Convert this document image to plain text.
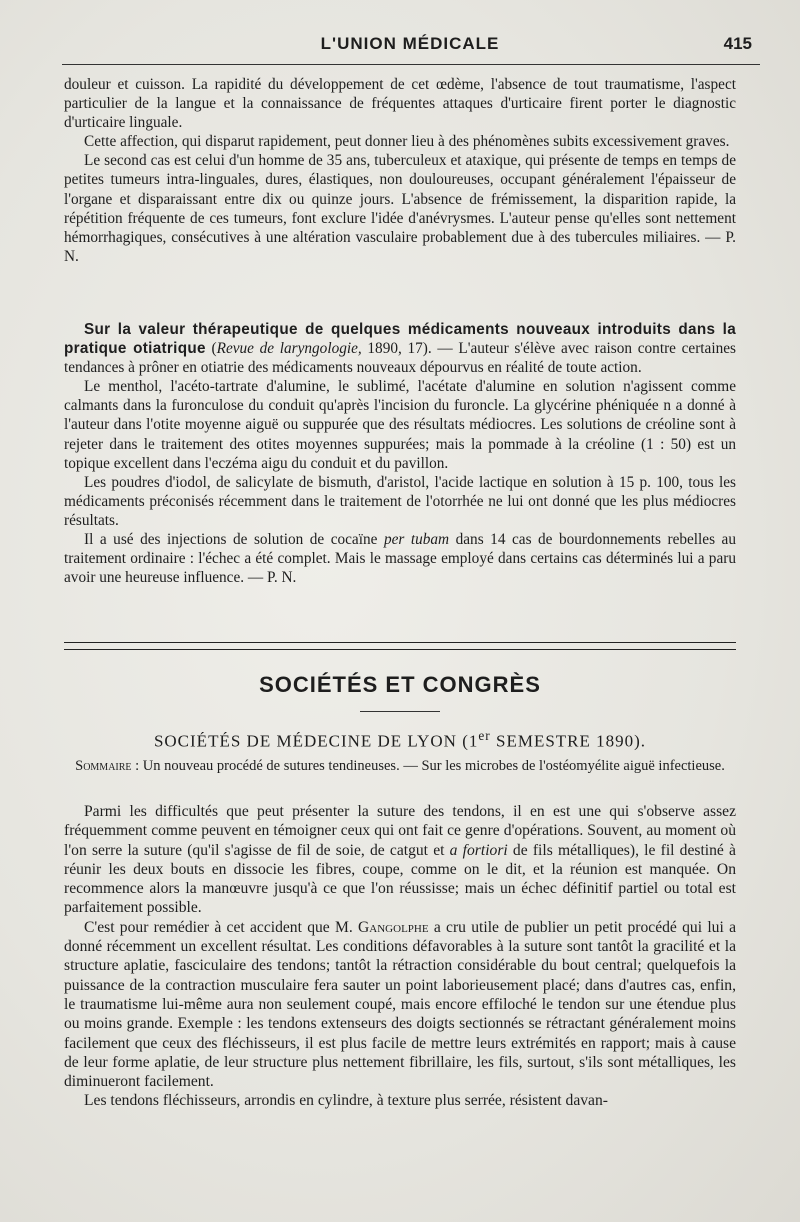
L'UNION MÉDICALE	415

douleur et cuisson. La rapidité du développement de cet œdème, l'absence de tout traumatisme, l'aspect particulier de la langue et la connaissance de fréquentes attaques d'urticaire firent porter le diagnostic d'urticaire linguale.

Cette affection, qui disparut rapidement, peut donner lieu à des phénomènes subits excessivement graves.

Le second cas est celui d'un homme de 35 ans, tuberculeux et ataxique, qui présente de temps en temps de petites tumeurs intra-linguales, dures, élastiques, non douloureuses, occupant généralement l'épaisseur de l'organe et disparaissant entre dix ou quinze jours. L'absence de frémissement, la disparition rapide, la répétition fréquente de ces tumeurs, font exclure l'idée d'anévrysmes. L'auteur pense qu'elles sont nettement hémorrhagiques, consécutives à une altération vasculaire probablement due à des tubercules miliaires. — P. N.

Sur la valeur thérapeutique de quelques médicaments nouveaux introduits dans la pratique otiatrique (Revue de laryngologie, 1890, 17). — L'auteur s'élève avec raison contre certaines tendances à prôner en otiatrie des médicaments nouveaux dépourvus en réalité de toute action.

Le menthol, l'acéto-tartrate d'alumine, le sublimé, l'acétate d'alumine en solution n'agissent comme calmants dans la furonculose du conduit qu'après l'incision du furoncle. La glycérine phéniquée n a donné à l'auteur dans l'otite moyenne aiguë ou suppurée que des résultats médiocres. Les solutions de créoline sont à rejeter dans le traitement des otites moyennes suppurées; mais la pommade à la créoline (1 : 50) est un topique excellent dans l'eczéma aigu du conduit et du pavillon.

Les poudres d'iodol, de salicylate de bismuth, d'aristol, l'acide lactique en solution à 15 p. 100, tous les médicaments préconisés récemment dans le traitement de l'otorrhée ne lui ont donné que les plus médiocres résultats.

Il a usé des injections de solution de cocaïne per tubam dans 14 cas de bourdonnements rebelles au traitement ordinaire : l'échec a été complet. Mais le massage employé dans certains cas déterminés lui a paru avoir une heureuse influence. — P. N.

SOCIÉTÉS ET CONGRÈS
SOCIÉTÉS DE MÉDECINE DE LYON (1er SEMESTRE 1890).
Sommaire : Un nouveau procédé de sutures tendineuses. — Sur les microbes de l'ostéomyélite aiguë infectieuse.

Parmi les difficultés que peut présenter la suture des tendons, il en est une qui s'observe assez fréquemment comme peuvent en témoigner ceux qui ont fait ce genre d'opérations. Souvent, au moment où l'on serre la suture (qu'il s'agisse de fil de soie, de catgut et a fortiori de fils métalliques), le fil destiné à réunir les deux bouts en dissocie les fibres, coupe, comme on le dit, et la réunion est manquée. On recommence alors la manœuvre jusqu'à ce que l'on réussisse; mais un échec définitif partiel ou total est parfaitement possible.

C'est pour remédier à cet accident que M. Gangolphe a cru utile de publier un petit procédé qui lui a donné récemment un excellent résultat. Les conditions défavorables à la suture sont tantôt la gracilité et la structure aplatie, fasciculaire des tendons; tantôt la rétraction considérable du bout central; quelquefois la puissance de la contraction musculaire fera sauter un point laborieusement placé; dans d'autres cas, enfin, le traumatisme lui-même aura non seulement coupé, mais encore effiloché le tendon sur une étendue plus ou moins grande. Exemple : les tendons extenseurs des doigts sectionnés se rétractant généralement moins facilement que ceux des fléchisseurs, il est plus facile de mettre leurs extrémités en rapport; mais à cause de leur forme aplatie, de leur structure plus nettement fibrillaire, les fils, surtout, s'ils sont métalliques, les diminueront facilement.

Les tendons fléchisseurs, arrondis en cylindre, à texture plus serrée, résistent davan-
